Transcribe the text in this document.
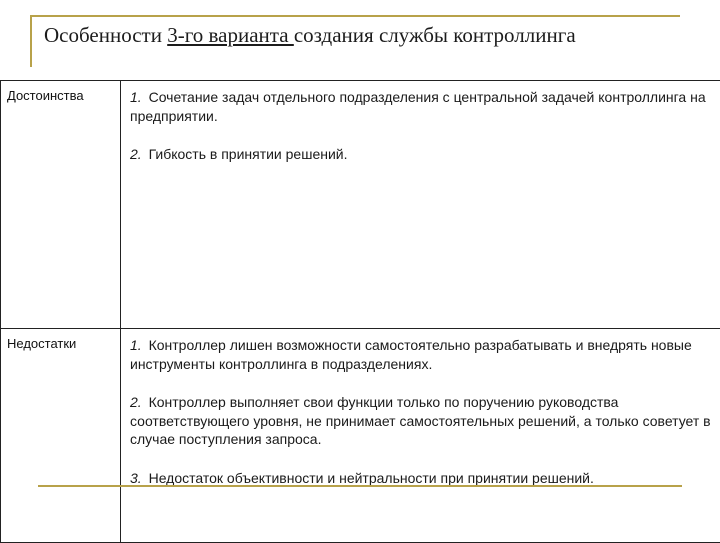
Особенности 3-го варианта создания службы контроллинга
Достоинства	1. Сочетание задач отдельного подразделения с центральной задачей контроллинга на предприятии.
2. Гибкость в принятии решений.

Недостатки	1. Контроллер лишен возможности самостоятельно разрабатывать и внедрять новые инструменты контроллинга в подразделениях.
2. Контроллер выполняет свои функции только по поручению руководства соответствующего уровня, не принимает самостоятельных решений, а только советует в случае поступления запроса.
3. Недостаток объективности и нейтральности при принятии решений.
